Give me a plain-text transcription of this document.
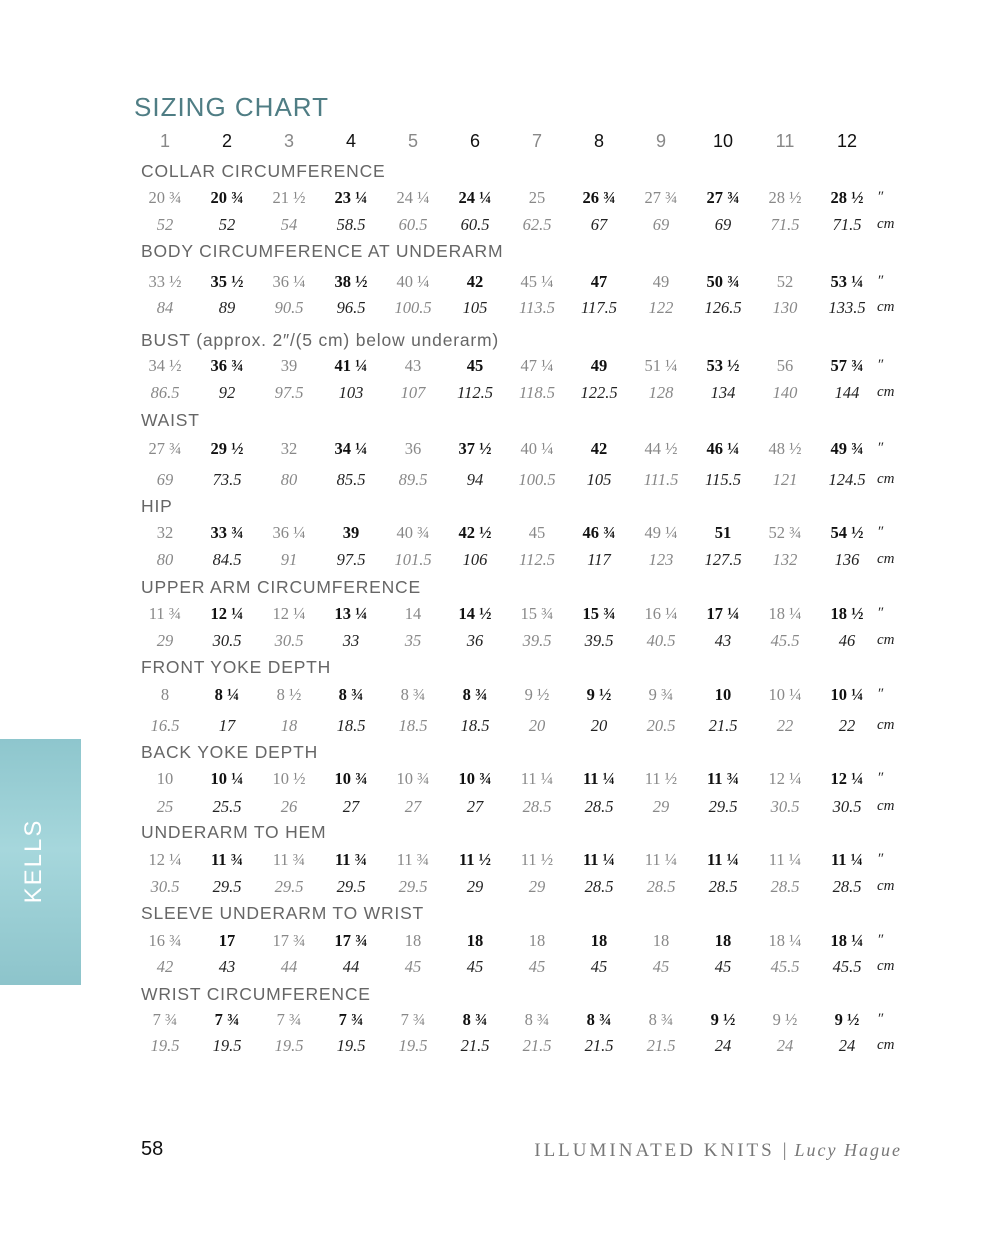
SIZING CHART
1	2	3	4	5	6	7	8	9	10	11	12
COLLAR CIRCUMFERENCE
20 ¾	20 ¾	21 ½	23 ¼	24 ¼	24 ¼	25	26 ¾	27 ¾	27 ¾	28 ½	28 ½ ″
52	52	54	58.5	60.5	60.5	62.5	67	69	69	71.5	71.5	cm
BODY CIRCUMFERENCE AT UNDERARM
33 ½	35 ½	36 ¼	38 ½	40 ¼	42	45 ¼	47	49	50 ¾	52	53 ¼ ″
84	89	90.5	96.5	100.5	105	113.5	117.5	122	126.5	130	133.5 cm
BUST (approx. 2″/(5 cm) below underarm)
34 ½	36 ¾	39	41 ¼	43	45	47 ¼	49	51 ¼	53 ½	56	57 ¾ ″
86.5	92	97.5	103	107	112.5	118.5	122.5	128	134	140	144	cm
WAIST
27 ¾	29 ½	32	34 ¼	36	37 ½	40 ¼	42	44 ½	46 ¼	48 ½	49 ¾ ″
69	73.5	80	85.5	89.5	94	100.5	105	111.5	115.5	121	124.5 cm
HIP
32	33 ¾	36 ¼	39	40 ¾	42 ½	45	46 ¾	49 ¼	51	52 ¾	54 ½ ″
80	84.5	91	97.5	101.5	106	112.5	117	123	127.5	132	136	cm
UPPER ARM CIRCUMFERENCE
11 ¾	12 ¼	12 ¼	13 ¼	14	14 ½	15 ¾	15 ¾	16 ¼	17 ¼	18 ¼	18 ½ ″
29	30.5	30.5	33	35	36	39.5	39.5	40.5	43	45.5	46	cm
FRONT YOKE DEPTH
8	8 ¼	8 ½	8 ¾	8 ¾	8 ¾	9 ½	9 ½	9 ¾	10	10 ¼	10 ¼ ″
16.5	17	18	18.5	18.5	18.5	20	20	20.5	21.5	22	22	cm
BACK YOKE DEPTH
10	10 ¼	10 ½	10 ¾	10 ¾	10 ¾	11 ¼	11 ¼	11 ½	11 ¾	12 ¼	12 ¼ ″
25	25.5	26	27	27	27	28.5	28.5	29	29.5	30.5	30.5	cm
UNDERARM TO HEM
12 ¼	11 ¾	11 ¾	11 ¾	11 ¾	11 ½	11 ½	11 ¼	11 ¼	11 ¼	11 ¼	11 ¼ ″
30.5	29.5	29.5	29.5	29.5	29	29	28.5	28.5	28.5	28.5	28.5	cm
SLEEVE UNDERARM TO WRIST
16 ¾	17	17 ¾	17 ¾	18	18	18	18	18	18	18 ¼	18 ¼ ″
42	43	44	44	45	45	45	45	45	45	45.5	45.5	cm
WRIST CIRCUMFERENCE
7 ¾	7 ¾	7 ¾	7 ¾	7 ¾	8 ¾	8 ¾	8 ¾	8 ¾	9 ½	9 ½	9 ½	″
19.5	19.5	19.5	19.5	19.5	21.5	21.5	21.5	21.5	24	24	24	cm
KELLS
58	ILLUMINATED KNITS | Lucy Hague
